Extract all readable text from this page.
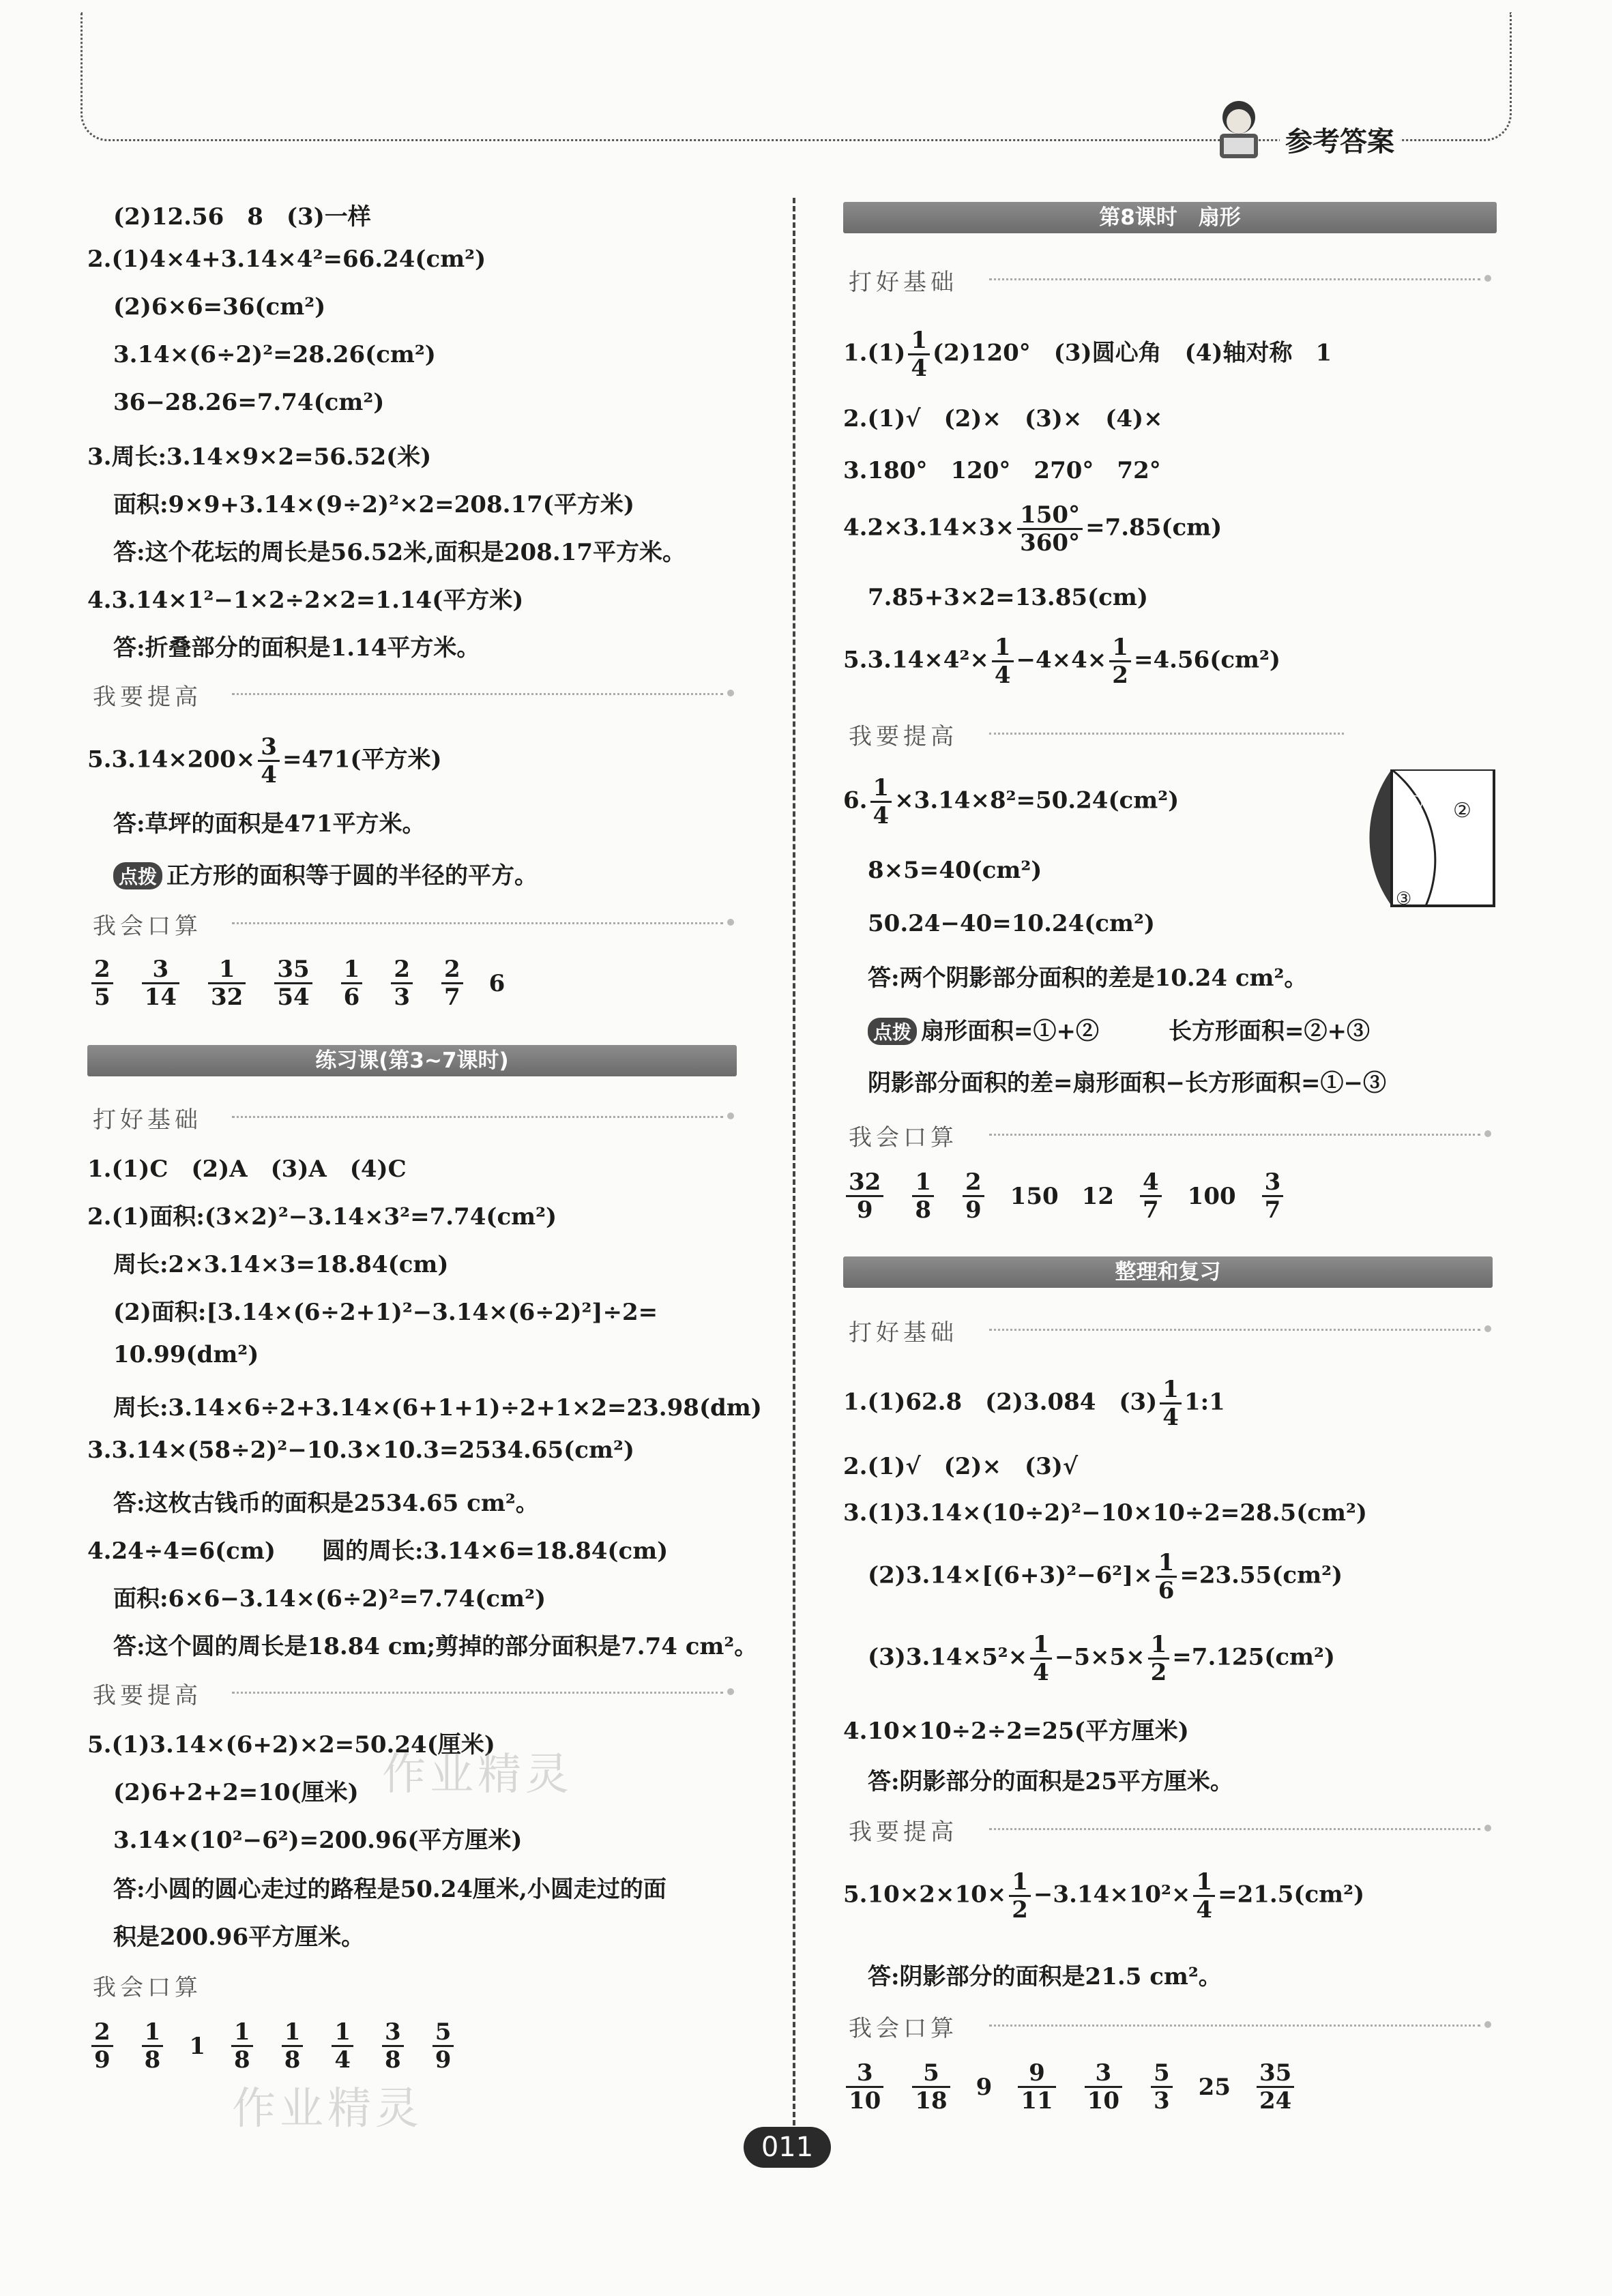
参考答案
(2)12.56　8　(3)一样
2.(1)4×4+3.14×4²=66.24(cm²)
(2)6×6=36(cm²)
3.14×(6÷2)²=28.26(cm²)
36−28.26=7.74(cm²)
3.周长:3.14×9×2=56.52(米)
面积:9×9+3.14×(9÷2)²×2=208.17(平方米)
答:这个花坛的周长是56.52米,面积是208.17平方米。
4.3.14×1²−1×2÷2×2=1.14(平方米)
答:折叠部分的面积是1.14平方米。
我要提高
$5.3.14\times 200\times \frac{3}{4} =471$(平方米)
答:草坪的面积是471平方米。
点拨 正方形的面积等于圆的半径的平方。
我会口算
$\frac{2}{5} \frac{3}{14} \frac{1}{32} \frac{35}{54} \frac{1}{6} \frac{2}{3} \frac{2}{7} 6$
练习课(第3~7课时)
打好基础
1.(1)C　(2)A　(3)A　(4)C
2.(1)面积:(3×2)²−3.14×3²=7.74(cm²)
周长:2×3.14×3=18.84(cm)
(2)面积:[3.14×(6÷2+1)²−3.14×(6÷2)²]÷2=
10.99(dm²)
周长:3.14×6÷2+3.14×(6+1+1)÷2+1×2=23.98(dm)
3.3.14×(58÷2)²−10.3×10.3=2534.65(cm²)
答:这枚古钱币的面积是2534.65 cm²。
4.24÷4=6(cm)　　圆的周长:3.14×6=18.84(cm)
面积:6×6−3.14×(6÷2)²=7.74(cm²)
答:这个圆的周长是18.84 cm;剪掉的部分面积是7.74 cm²。
我要提高
5.(1)3.14×(6+2)×2=50.24(厘米)
(2)6+2+2=10(厘米)
3.14×(10²−6²)=200.96(平方厘米)
答:小圆的圆心走过的路程是50.24厘米,小圆走过的面
积是200.96平方厘米。
我会口算
$\frac{2}{9} \frac{1}{8} 1 \frac{1}{8} \frac{1}{8} \frac{1}{4} \frac{3}{8} \frac{5}{9}$
作业精灵
作业精灵
第8课时　扇形
打好基础
$1.(1) \frac{1}{4} (2)120^\circ$　(3)圆心角　(4)轴对称　1
2.(1)√　(2)×　(3)×　(4)×
3.180°　120°　270°　72°
$4.2\times 3.14\times 3\times \frac{150^\circ}{360^\circ} =7.85(cm)$
7.85+3×2=13.85(cm)
$5.3.14\times 4^2\times \frac{1}{4} -4\times 4\times \frac{1}{2} =4.56(cm^2)$
我要提高
6. $\frac{1}{4} \times 3.14\times 8^2=50.24(cm^2)$
8×5=40(cm²)
50.24−40=10.24(cm²)
答:两个阴影部分面积的差是10.24 cm²。
点拨 扇形面积=①+②　　　长方形面积=②+③
阴影部分面积的差=扇形面积−长方形面积=①−③
① ②
③
我会口算
$\frac{32}{9} \frac{1}{8} \frac{2}{9} 150$ $12 \frac{4}{7} 100 \frac{3}{7}$
整理和复习
打好基础
1.(1)62.8　(2)3.084　$(3) \frac{1}{4}$ 1:1
2.(1)√　(2)×　(3)√
3.(1)3.14×(10÷2)²−10×10÷2=28.5(cm²)
$(2)3.14\times[(6+3)^2-6^2]\times \frac{1}{6} =23.55(cm^2)$
$(3)3.14\times 5^2\times \frac{1}{4} -5\times 5\times \frac{1}{2} =7.125(cm^2)$
4.10×10÷2÷2=25(平方厘米)
答:阴影部分的面积是25平方厘米。
我要提高
$5.10\times 2\times 10\times \frac{1}{2} -3.14\times 10^2\times \frac{1}{4} =21.5(cm^2)$
答:阴影部分的面积是21.5 cm²。
我会口算
$\frac{3}{10} \frac{5}{18} 9 \frac{9}{11} \frac{3}{10} \frac{5}{3} 25 \frac{35}{24}$
011
